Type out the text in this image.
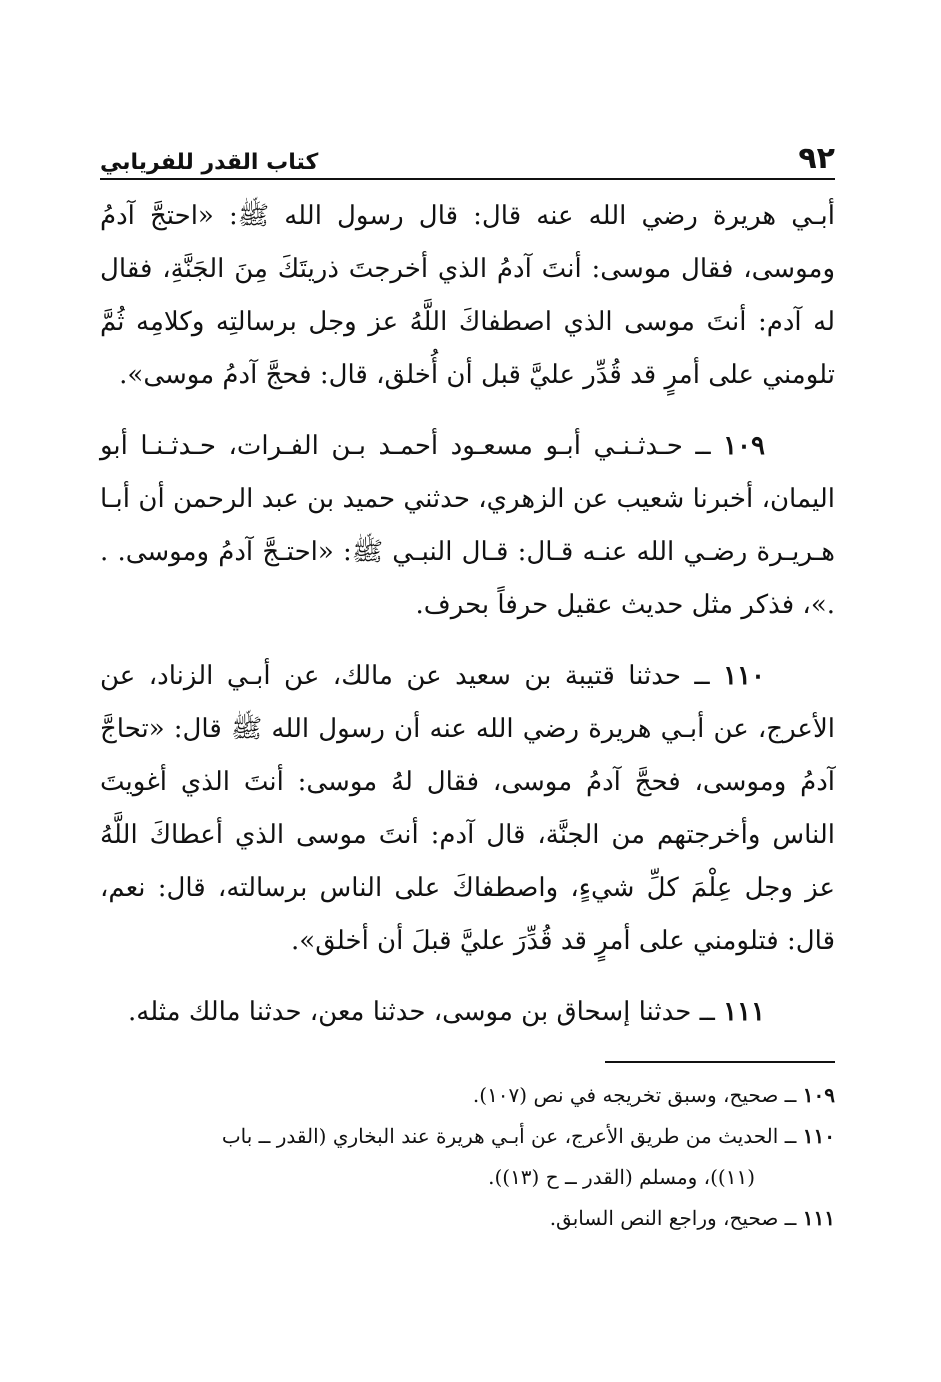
٩٢
كتاب القدر للفريابي

أبـي هريرة رضي الله عنه قال: قال رسول الله ﷺ: «احتجَّ آدمُ وموسى، فقال موسى: أنتَ آدمُ الذي أخرجتَ ذريتَكَ مِنَ الجَنَّةِ، فقال له آدم: أنتَ موسى الذي اصطفاكَ اللَّهُ عز وجل برسالتِه وكلامِه ثُمَّ تلومني على أمرٍ قد قُدِّر عليَّ قبل أن أُخلق، قال: فحجَّ آدمُ موسى».

١٠٩ ــ حـدثـنـي أبـو مسعـود أحمـد بـن الفـرات، حـدثـنـا أبو اليمان، أخبرنا شعيب عن الزهري، حدثني حميد بن عبد الرحمن أن أبـا هـريـرة رضـي الله عنـه قـال: قـال النبـي ﷺ: «احتـجَّ آدمُ وموسى. . .»، فذكر مثل حديث عقيل حرفاً بحرف.

١١٠ ــ حدثنا قتيبة بن سعيد عن مالك، عن أبـي الزناد، عن الأعرج، عن أبـي هريرة رضي الله عنه أن رسول الله ﷺ قال: «تحاجَّ آدمُ وموسى، فحجَّ آدمُ موسى، فقال لهُ موسى: أنتَ الذي أغويتَ الناس وأخرجتهم من الجنَّة، قال آدم: أنتَ موسى الذي أعطاكَ اللَّهُ عز وجل عِلْمَ كلِّ شيءٍ، واصطفاكَ على الناس برسالته، قال: نعم، قال: فتلومني على أمرٍ قد قُدِّرَ عليَّ قبلَ أن أخلق».

١١١ ــ حدثنا إسحاق بن موسى، حدثنا معن، حدثنا مالك مثله.

١٠٩ ــ صحيح، وسبق تخريجه في نص (١٠٧).

١١٠ ــ الحديث من طريق الأعرج، عن أبـي هريرة عند البخاري (القدر ــ باب

(١١))، ومسلم (القدر ــ ح (١٣)).

١١١ ــ صحيح، وراجع النص السابق.
